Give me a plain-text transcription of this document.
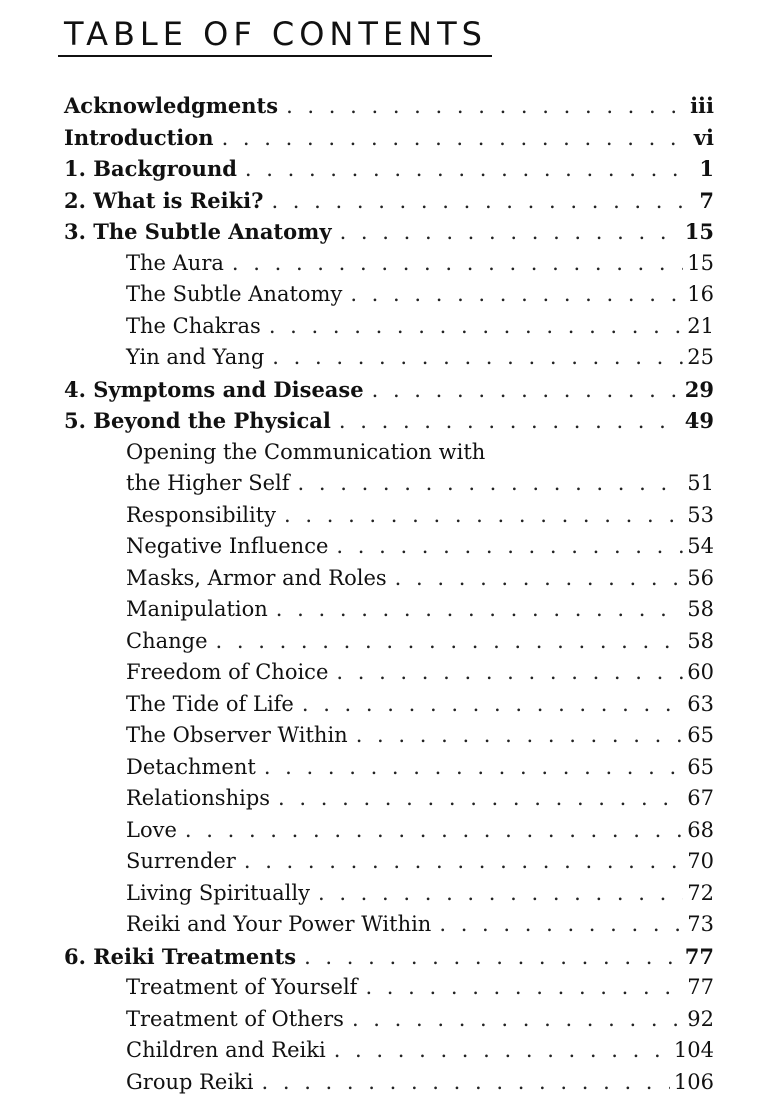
TABLE OF CONTENTS
Acknowledgments . . .	iii
Introduction . . .	vi
1. Background . . .	1
2. What is Reiki? . . .	7
3. The Subtle Anatomy . . .	15
The Aura . . .	15
The Subtle Anatomy . . .	16
The Chakras . . .	21
Yin and Yang . . .	25
4. Symptoms and Disease . . .	29
5. Beyond the Physical . . .	49
Opening the Communication with
the Higher Self . . .	51
Responsibility . . .	53
Negative Influence . . .	54
Masks, Armor and Roles . . .	56
Manipulation . . .	58
Change . . .	58
Freedom of Choice . . .	60
The Tide of Life . . .	63
The Observer Within . . .	65
Detachment . . .	65
Relationships . . .	67
Love . . .	68
Surrender . . .	70
Living Spiritually . . .	72
Reiki and Your Power Within . . .	73
6. Reiki Treatments . . .	77
Treatment of Yourself . . .	77
Treatment of Others . . .	92
Children and Reiki . . .	104
Group Reiki . . .	106
